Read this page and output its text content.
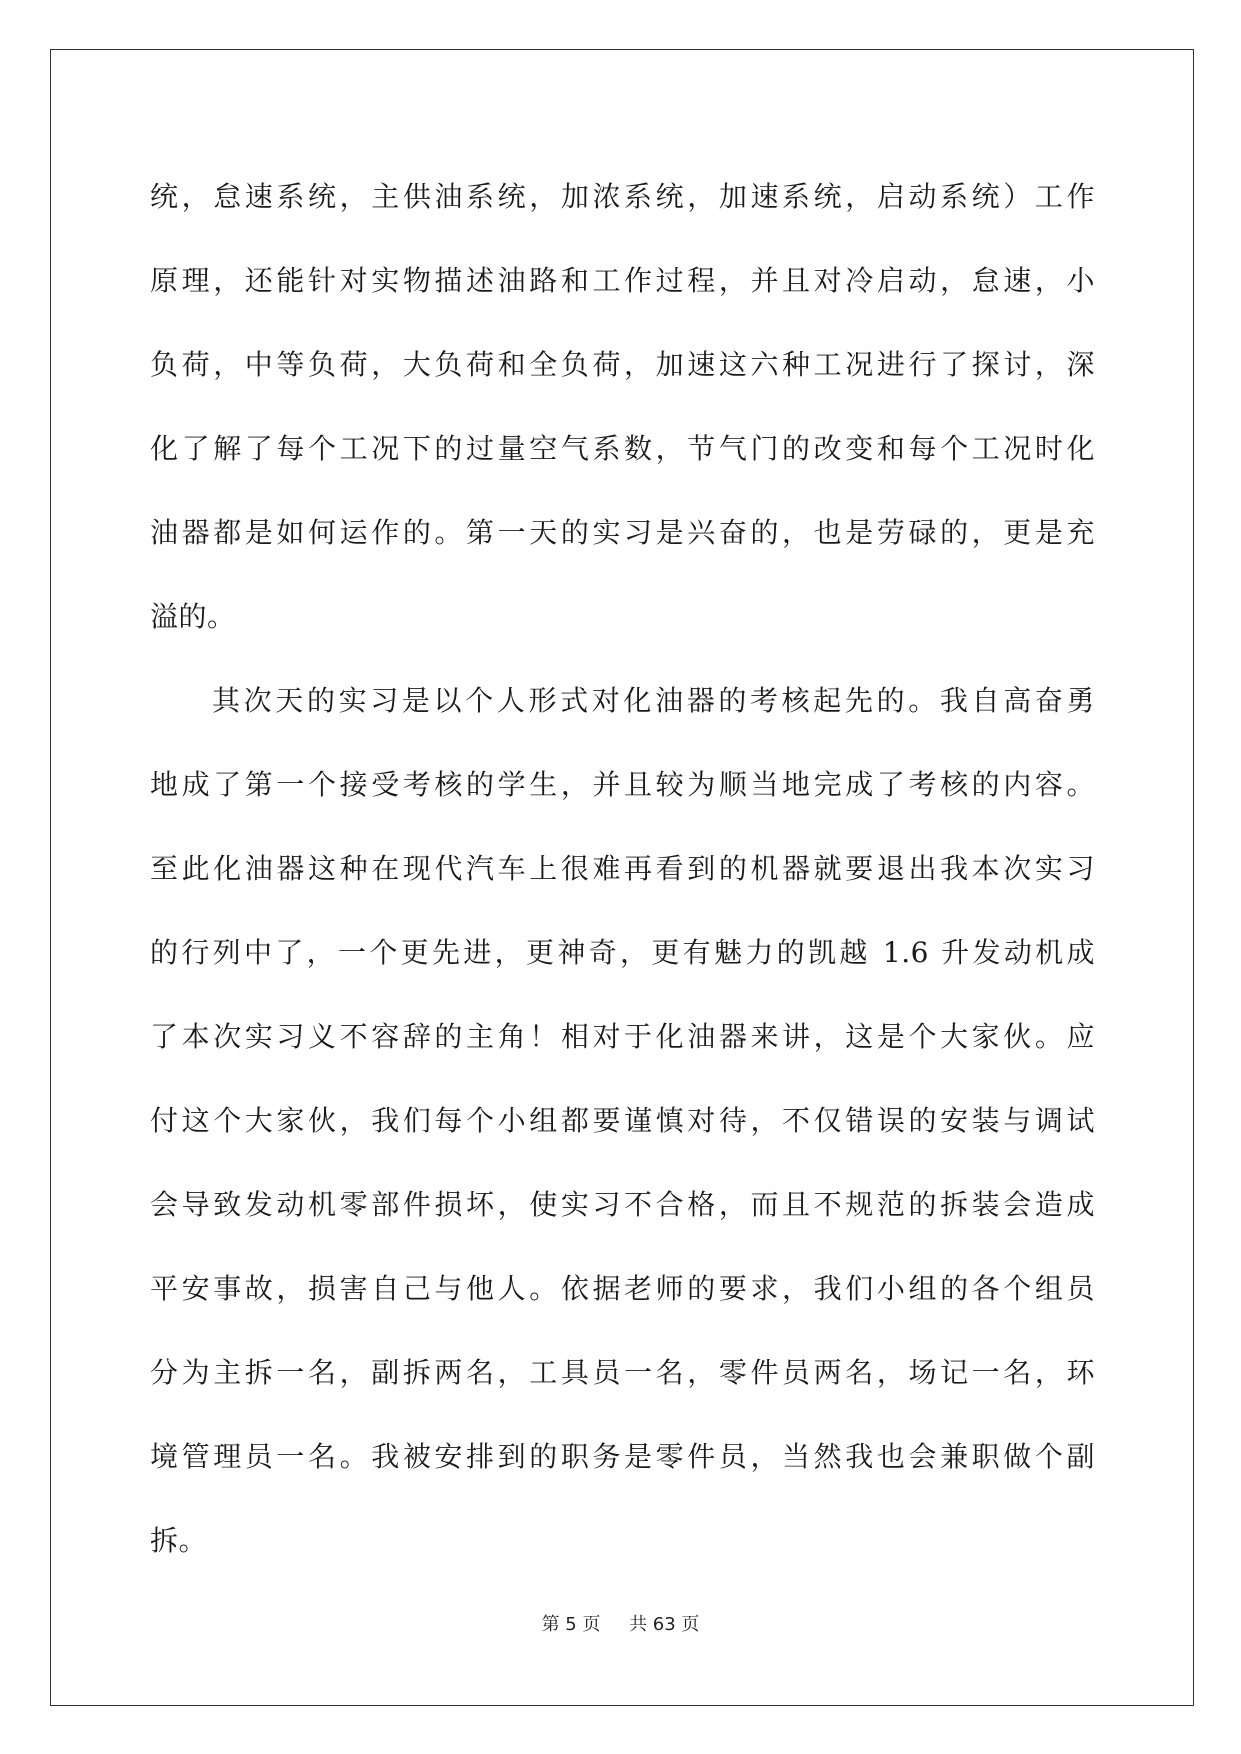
统，怠速系统，主供油系统，加浓系统，加速系统，启动系统）工作
原理，还能针对实物描述油路和工作过程，并且对冷启动，怠速，小
负荷，中等负荷，大负荷和全负荷，加速这六种工况进行了探讨，深
化了解了每个工况下的过量空气系数，节气门的改变和每个工况时化
油器都是如何运作的。第一天的实习是兴奋的，也是劳碌的，更是充
溢的。
其次天的实习是以个人形式对化油器的考核起先的。我自高奋勇
地成了第一个接受考核的学生，并且较为顺当地完成了考核的内容。
至此化油器这种在现代汽车上很难再看到的机器就要退出我本次实习
的行列中了，一个更先进，更神奇，更有魅力的凯越 1.6 升发动机成
了本次实习义不容辞的主角！相对于化油器来讲，这是个大家伙。应
付这个大家伙，我们每个小组都要谨慎对待，不仅错误的安装与调试
会导致发动机零部件损坏，使实习不合格，而且不规范的拆装会造成
平安事故，损害自己与他人。依据老师的要求，我们小组的各个组员
分为主拆一名，副拆两名，工具员一名，零件员两名，场记一名，环
境管理员一名。我被安排到的职务是零件员，当然我也会兼职做个副
拆。
第 5 页 共 63 页
